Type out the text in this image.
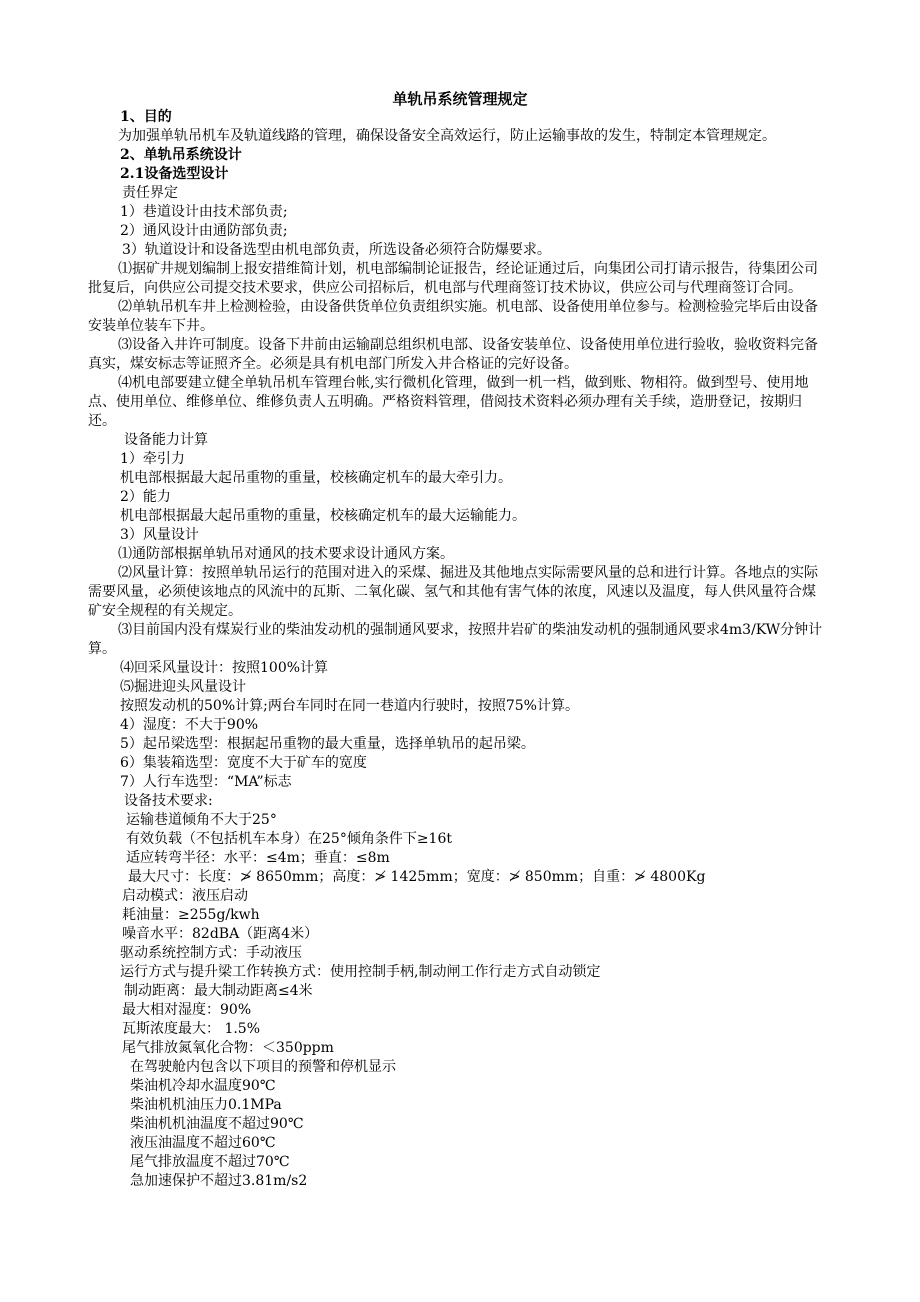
单轨吊系统管理规定

1、目的

为加强单轨吊机车及轨道线路的管理，确保设备安全高效运行，防止运输事故的发生，特制定本管理规定。

2、单轨吊系统设计

2.1设备选型设计

责任界定

1）巷道设计由技术部负责;

2）通风设计由通防部负责;

3）轨道设计和设备选型由机电部负责，所选设备必须符合防爆要求。

⑴据矿井规划编制上报安措维简计划，机电部编制论证报告，经论证通过后，向集团公司打请示报告，待集团公司批复后，向供应公司提交技术要求，供应公司招标后，机电部与代理商签订技术协议，供应公司与代理商签订合同。

⑵单轨吊机车井上检测检验，由设备供货单位负责组织实施。机电部、设备使用单位参与。检测检验完毕后由设备安装单位装车下井。

⑶设备入井许可制度。设备下井前由运输副总组织机电部、设备安装单位、设备使用单位进行验收，验收资料完备真实，煤安标志等证照齐全。必须是具有机电部门所发入井合格证的完好设备。

⑷机电部要建立健全单轨吊机车管理台帐,实行微机化管理，做到一机一档，做到账、物相符。做到型号、使用地点、使用单位、维修单位、维修负责人五明确。严格资料管理，借阅技术资料必须办理有关手续，造册登记，按期归还。

设备能力计算

1）牵引力

机电部根据最大起吊重物的重量，校核确定机车的最大牵引力。

2）能力

机电部根据最大起吊重物的重量，校核确定机车的最大运输能力。

3）风量设计

⑴通防部根据单轨吊对通风的技术要求设计通风方案。

⑵风量计算：按照单轨吊运行的范围对进入的采煤、掘进及其他地点实际需要风量的总和进行计算。各地点的实际需要风量，必须使该地点的风流中的瓦斯、二氧化碳、氢气和其他有害气体的浓度，风速以及温度，每人供风量符合煤矿安全规程的有关规定。

⑶目前国内没有煤炭行业的柴油发动机的强制通风要求，按照井岩矿的柴油发动机的强制通风要求4m3/KW分钟计算。

⑷回采风量设计：按照100%计算

⑸掘进迎头风量设计

按照发动机的50%计算;两台车同时在同一巷道内行驶时，按照75%计算。

4）湿度：不大于90%

5）起吊梁选型：根据起吊重物的最大重量，选择单轨吊的起吊梁。

6）集装箱选型：宽度不大于矿车的宽度

7）人行车选型：“MA”标志

设备技术要求:

运输巷道倾角不大于25°

有效负载（不包括机车本身）在25°倾角条件下≥16t

适应转弯半径：水平：≤4m；垂直：≤8m

最大尺寸：长度：≯ 8650mm；高度：≯ 1425mm；宽度：≯ 850mm；自重：≯ 4800Kg

启动模式：液压启动

耗油量：≥255g/kwh

噪音水平：82dBA（距离4米）

驱动系统控制方式：手动液压

运行方式与提升梁工作转换方式：使用控制手柄,制动闸工作行走方式自动锁定

制动距离：最大制动距离≤4米

最大相对湿度：90%

瓦斯浓度最大： 1.5%

尾气排放氮氧化合物：＜350ppm

在驾驶舱内包含以下项目的预警和停机显示

柴油机冷却水温度90℃

柴油机机油压力0.1MPa

柴油机机油温度不超过90℃

液压油温度不超过60℃

尾气排放温度不超过70℃

急加速保护不超过3.81m/s2
